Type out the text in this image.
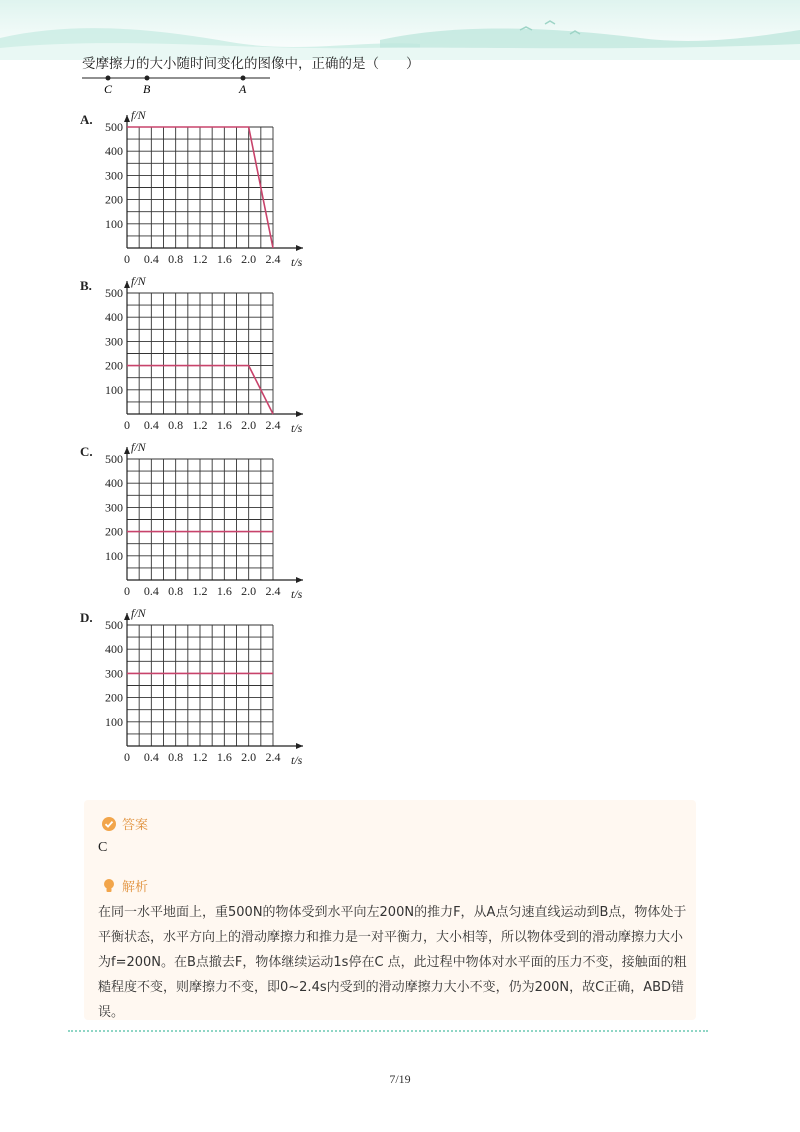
受摩擦力的大小随时间变化的图像中，正确的是（　　）
C	B	A
A.
B.
C.
D.
0 0.4 0.8 1.2 1.6 2.0 2.4
100
200
300
400
500
f/N
t/s
0 0.4 0.8 1.2 1.6 2.0 2.4
100
200
300
400
500
f/N
t/s
0 0.4 0.8 1.2 1.6 2.0 2.4
100
200
300
400
500
f/N
t/s
0 0.4 0.8 1.2 1.6 2.0 2.4
100
200
300
400
500
f/N
t/s
答案
C
解析
在同一水平地面上，重500N的物体受到水平向左200N的推力F，从A点匀速直线运动到B点，物体处于平衡状态，水平方向上的滑动摩擦力和推力是一对平衡力，大小相等，所以物体受到的滑动摩擦力大小为f=200N。在B点撤去F，物体继续运动1s停在C 点，此过程中物体对水平面的压力不变，接触面的粗糙程度不变，则摩擦力不变，即0~2.4s内受到的滑动摩擦力大小不变，仍为200N，故C正确，ABD错误。
7/19
